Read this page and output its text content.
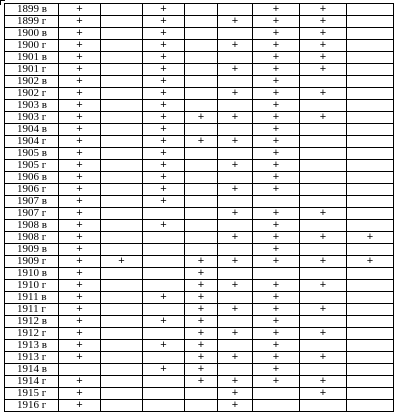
1899 в	+		+			+	+	
1899 г	+		+		+	+	+	
1900 в	+		+			+	+	
1900 г	+		+		+	+	+	
1901 в	+		+			+	+	
1901 г	+		+		+	+	+	
1902 в	+		+			+		
1902 г	+		+		+	+	+	
1903 в	+		+			+		
1903 г	+		+	+	+	+	+	
1904 в	+		+			+		
1904 г	+		+	+	+	+		
1905 в	+		+			+		
1905 г	+		+		+	+		
1906 в	+		+			+		
1906 г	+		+		+	+		
1907 в	+		+					
1907 г	+				+	+	+	
1908 в	+		+			+		
1908 г	+				+	+	+	+
1909 в	+					+		
1909 г	+	+		+	+	+	+	+
1910 в	+			+				
1910 г	+			+	+	+	+	
1911 в	+		+	+		+		
1911 г	+			+	+	+	+	
1912 в	+		+	+		+		
1912 г	+			+	+	+	+	
1913 в	+		+	+		+		
1913 г	+			+	+	+	+	
1914 в			+	+		+		
1914 г	+			+	+	+	+	
1915 г	+				+		+	
1916 г	+				+			
